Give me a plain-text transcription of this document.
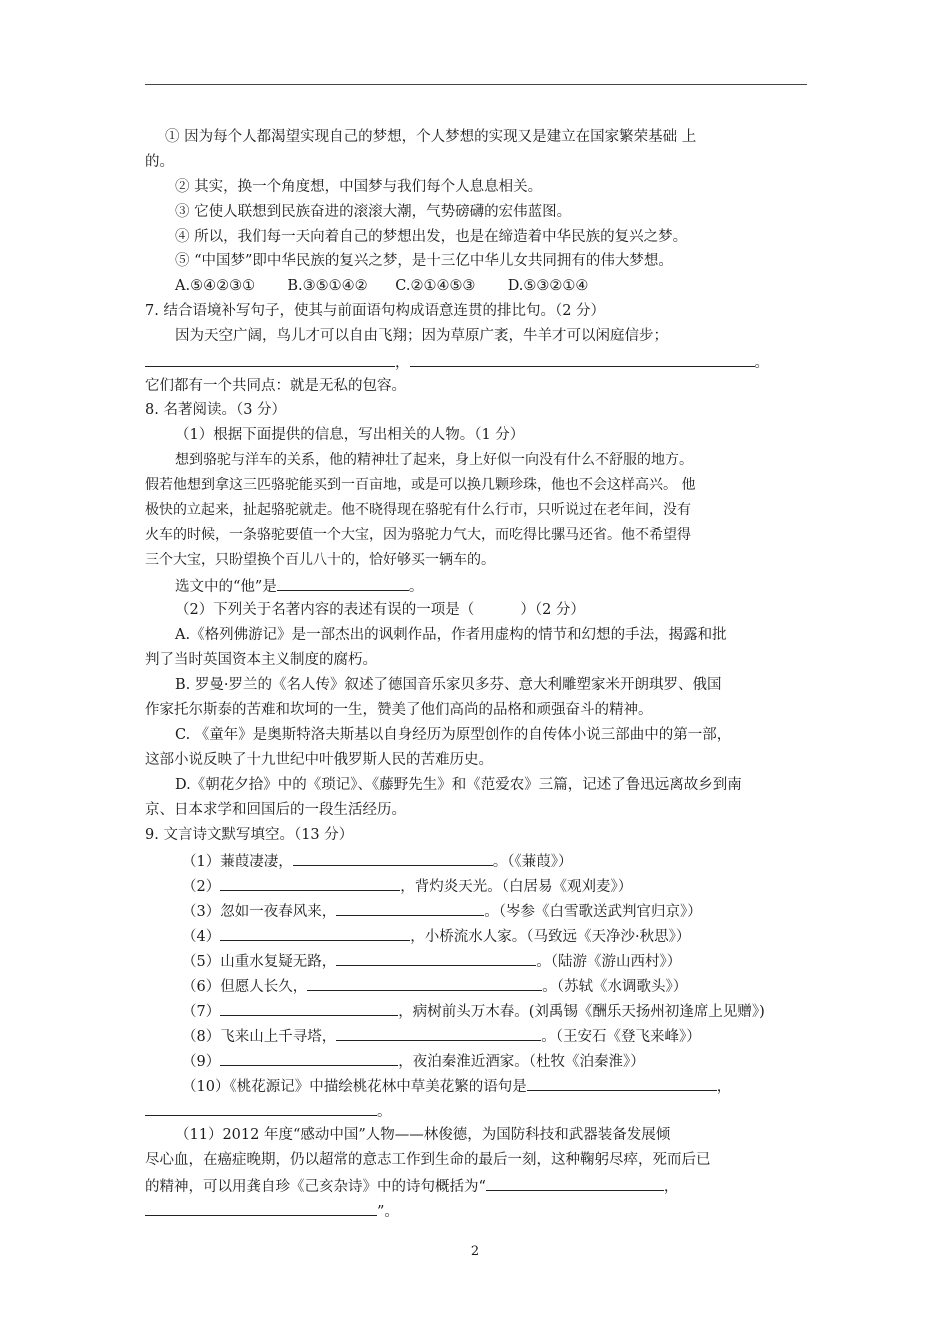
① 因为每个人都渴望实现自己的梦想，个人梦想的实现又是建立在国家繁荣基础 上
的。
② 其实，换一个角度想，中国梦与我们每个人息息相关。
③ 它使人联想到民族奋进的滚滚大潮，气势磅礴的宏伟蓝图。
④ 所以，我们每一天向着自己的梦想出发，也是在缔造着中华民族的复兴之梦。
⑤ “中国梦”即中华民族的复兴之梦，是十三亿中华儿女共同拥有的伟大梦想。
A.⑤④②③①       B.③⑤①④②      C.②①④⑤③       D.⑤③②①④
7. 结合语境补写句子，使其与前面语句构成语意连贯的排比句。（2 分）
因为天空广阔，鸟儿才可以自由飞翔；因为草原广袤，牛羊才可以闲庭信步；
，	。
它们都有一个共同点：就是无私的包容。
8. 名著阅读。（3 分）
（1）根据下面提供的信息，写出相关的人物。（1 分）
想到骆驼与洋车的关系，他的精神壮了起来，身上好似一向没有什么不舒服的地方。
假若他想到拿这三匹骆驼能买到一百亩地，或是可以换几颗珍珠，他也不会这样高兴。 他
极快的立起来，扯起骆驼就走。他不晓得现在骆驼有什么行市，只听说过在老年间，没有
火车的时候，一条骆驼要值一个大宝，因为骆驼力气大，而吃得比骡马还省。他不希望得
三个大宝，只盼望换个百儿八十的，恰好够买一辆车的。
选文中的“他”是	。
（2）下列关于名著内容的表述有误的一项是（          ）（2 分）
A.《格列佛游记》是一部杰出的讽刺作品，作者用虚构的情节和幻想的手法，揭露和批
判了当时英国资本主义制度的腐朽。
B. 罗曼·罗兰的《名人传》叙述了德国音乐家贝多芬、意大利雕塑家米开朗琪罗、俄国
作家托尔斯泰的苦难和坎坷的一生，赞美了他们高尚的品格和顽强奋斗的精神。
C. 《童年》是奥斯特洛夫斯基以自身经历为原型创作的自传体小说三部曲中的第一部，
这部小说反映了十九世纪中叶俄罗斯人民的苦难历史。
D.《朝花夕拾》中的《琐记》、《藤野先生》和《范爱农》三篇，记述了鲁迅远离故乡到南
京、日本求学和回国后的一段生活经历。
9. 文言诗文默写填空。（13 分）
（1）蒹葭凄凄，	。（《蒹葭》）
（2）	，背灼炎天光。（白居易《观刈麦》）
（3）忽如一夜春风来，	。（岑参《白雪歌送武判官归京》）
（4）	，小桥流水人家。（马致远《天净沙·秋思》）
（5）山重水复疑无路，	。（陆游《游山西村》）
（6）但愿人长久，	。（苏轼《水调歌头》）
（7）	，病树前头万木春。(刘禹锡《酬乐天扬州初逢席上见赠》)
（8）飞来山上千寻塔，	。（王安石《登飞来峰》）
（9）	，夜泊秦淮近酒家。（杜牧《泊秦淮》）
（10）《桃花源记》中描绘桃花林中草美花繁的语句是	，
。
（11）2012 年度“感动中国”人物——林俊德，为国防科技和武器装备发展倾
尽心血，在癌症晚期，仍以超常的意志工作到生命的最后一刻，这种鞠躬尽瘁，死而后已
的精神，可以用龚自珍《己亥杂诗》中的诗句概括为“	，
”。
2
